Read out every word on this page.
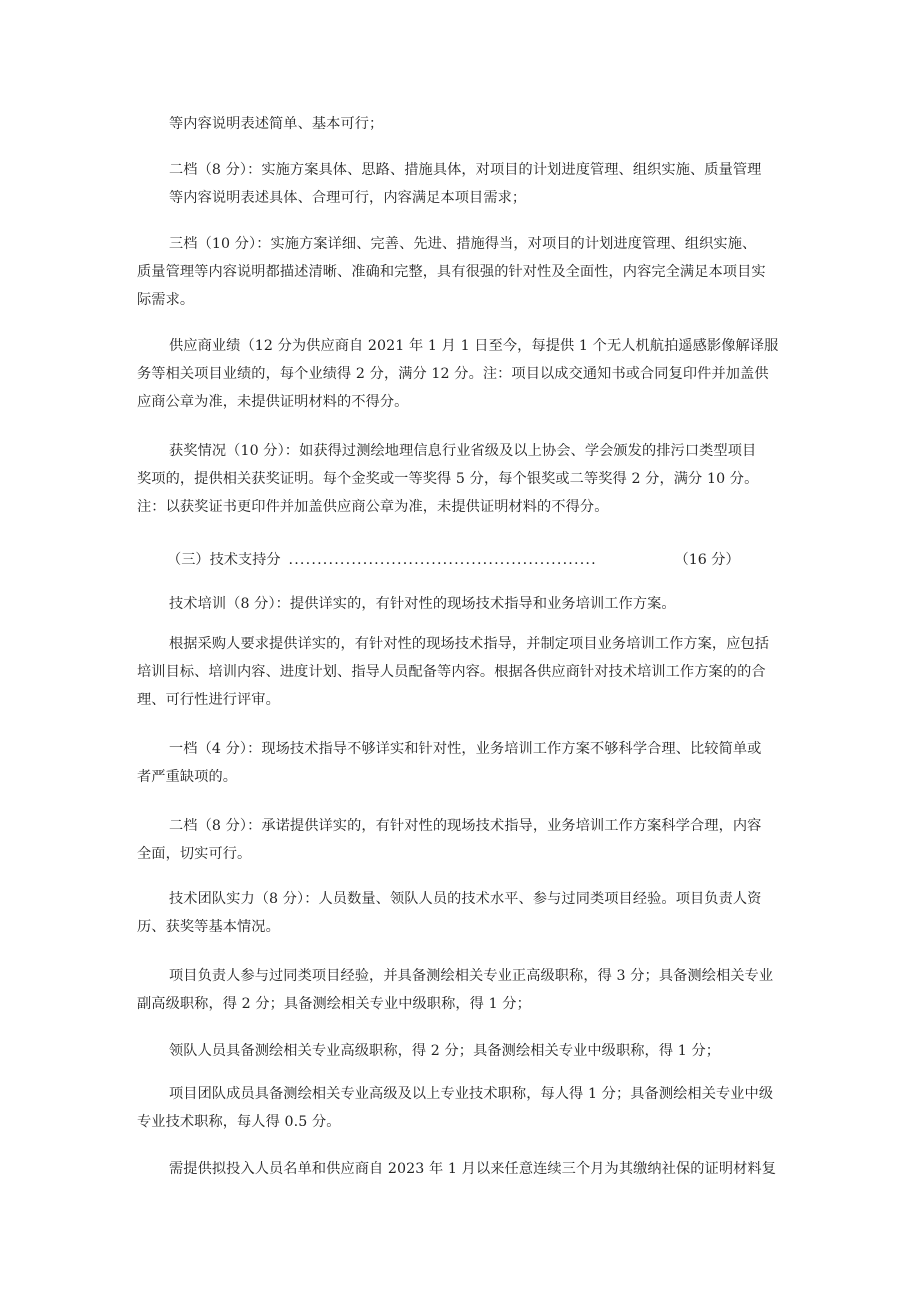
等内容说明表述简单、基本可行；
二档（8 分）：实施方案具体、思路、措施具体，对项目的计划进度管理、组织实施、质量管理
等内容说明表述具体、合理可行，内容满足本项目需求；
三档（10 分）：实施方案详细、完善、先进、措施得当，对项目的计划进度管理、组织实施、
质量管理等内容说明都描述清晰、准确和完整，具有很强的针对性及全面性，内容完全满足本项目实
际需求。
供应商业绩（12 分为供应商自 2021 年 1 月 1 日至今，每提供 1 个无人机航拍遥感影像解译服
务等相关项目业绩的，每个业绩得 2 分，满分 12 分。注：项目以成交通知书或合同复印件并加盖供
应商公章为准，未提供证明材料的不得分。
获奖情况（10 分）：如获得过测绘地理信息行业省级及以上协会、学会颁发的排污口类型项目
奖项的，提供相关获奖证明。每个金奖或一等奖得 5 分，每个银奖或二等奖得 2 分，满分 10 分。
注：以获奖证书更印件并加盖供应商公章为准，未提供证明材料的不得分。
（三）技术支持分 ......................................................	（16 分）
技术培训（8 分）：提供详实的，有针对性的现场技术指导和业务培训工作方案。
根据采购人要求提供详实的，有针对性的现场技术指导，并制定项目业务培训工作方案，应包括
培训目标、培训内容、进度计划、指导人员配备等内容。根据各供应商针对技术培训工作方案的的合
理、可行性进行评审。
一档（4 分）：现场技术指导不够详实和针对性，业务培训工作方案不够科学合理、比较简单或
者严重缺项的。
二档（8 分）：承诺提供详实的，有针对性的现场技术指导，业务培训工作方案科学合理，内容
全面，切实可行。
技术团队实力（8 分）：人员数量、领队人员的技术水平、参与过同类项目经验。项目负责人资
历、获奖等基本情况。
项目负责人参与过同类项目经验，并具备测绘相关专业正高级职称，得 3 分；具备测绘相关专业
副高级职称，得 2 分；具备测绘相关专业中级职称，得 1 分；
领队人员具备测绘相关专业高级职称，得 2 分；具备测绘相关专业中级职称，得 1 分；
项目团队成员具备测绘相关专业高级及以上专业技术职称，每人得 1 分；具备测绘相关专业中级
专业技术职称，每人得 0.5 分。
需提供拟投入人员名单和供应商自 2023 年 1 月以来任意连续三个月为其缴纳社保的证明材料复
